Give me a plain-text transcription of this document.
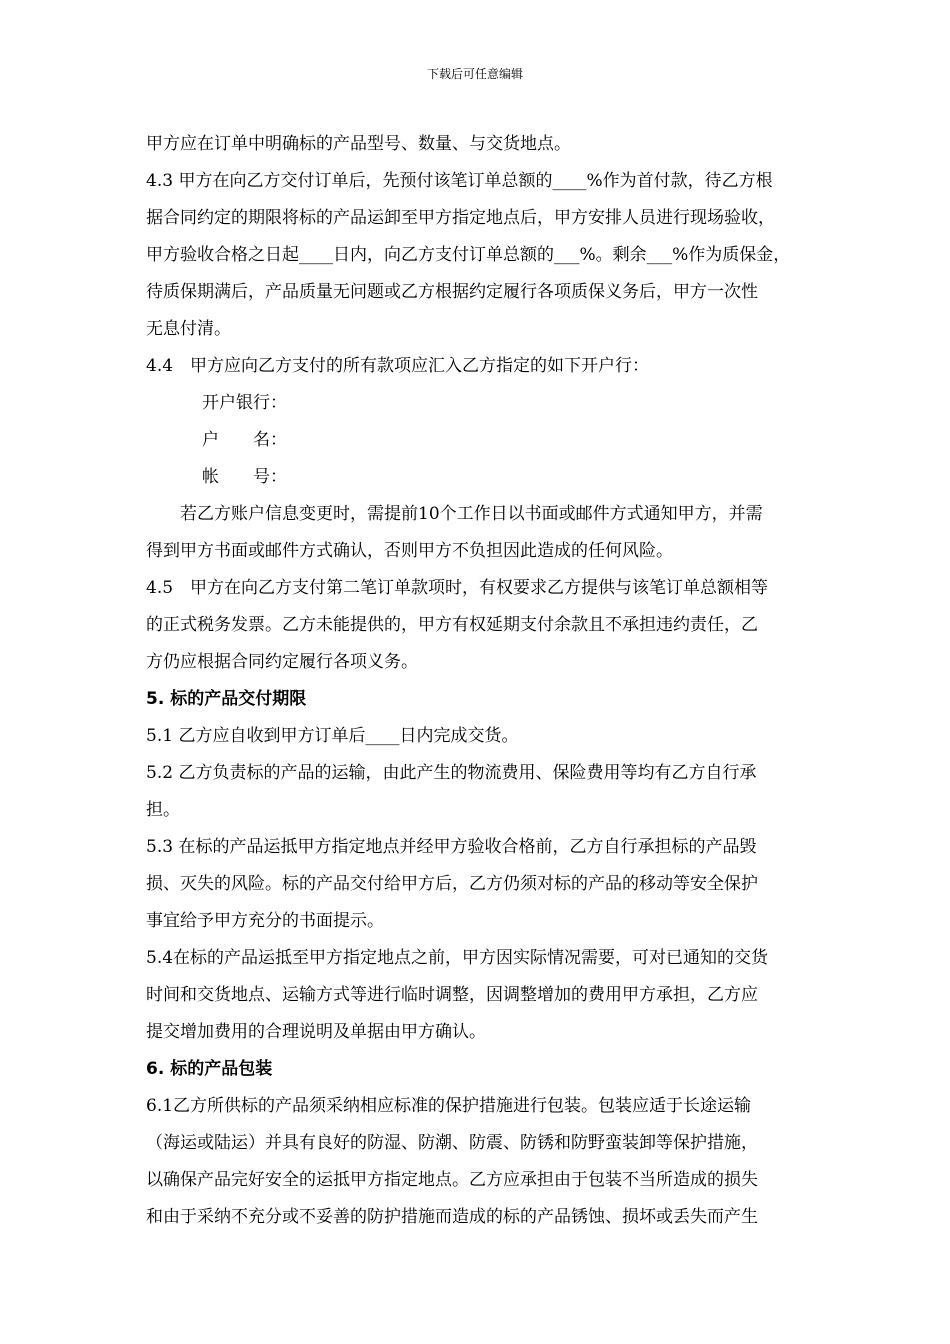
下载后可任意编辑
甲方应在订单中明确标的产品型号、数量、与交货地点。
4.3 甲方在向乙方交付订单后，先预付该笔订单总额的____%作为首付款，待乙方根
据合同约定的期限将标的产品运卸至甲方指定地点后，甲方安排人员进行现场验收，
甲方验收合格之日起____日内，向乙方支付订单总额的___%。剩余___%作为质保金，
待质保期满后，产品质量无问题或乙方根据约定履行各项质保义务后，甲方一次性
无息付清。
4.4　甲方应向乙方支付的所有款项应汇入乙方指定的如下开户行：
开户银行：
户　　名：
帐　　号：
若乙方账户信息变更时，需提前10个工作日以书面或邮件方式通知甲方，并需
得到甲方书面或邮件方式确认，否则甲方不负担因此造成的任何风险。
4.5　甲方在向乙方支付第二笔订单款项时，有权要求乙方提供与该笔订单总额相等
的正式税务发票。乙方未能提供的，甲方有权延期支付余款且不承担违约责任，乙
方仍应根据合同约定履行各项义务。
5. 标的产品交付期限
5.1 乙方应自收到甲方订单后____日内完成交货。
5.2 乙方负责标的产品的运输，由此产生的物流费用、保险费用等均有乙方自行承
担。
5.3 在标的产品运抵甲方指定地点并经甲方验收合格前，乙方自行承担标的产品毁
损、灭失的风险。标的产品交付给甲方后，乙方仍须对标的产品的移动等安全保护
事宜给予甲方充分的书面提示。
5.4在标的产品运抵至甲方指定地点之前，甲方因实际情况需要，可对已通知的交货
时间和交货地点、运输方式等进行临时调整，因调整增加的费用甲方承担，乙方应
提交增加费用的合理说明及单据由甲方确认。
6. 标的产品包装
6.1乙方所供标的产品须采纳相应标准的保护措施进行包装。包装应适于长途运输
（海运或陆运）并具有良好的防湿、防潮、防震、防锈和防野蛮装卸等保护措施，
以确保产品完好安全的运抵甲方指定地点。乙方应承担由于包装不当所造成的损失
和由于采纳不充分或不妥善的防护措施而造成的标的产品锈蚀、损坏或丢失而产生
